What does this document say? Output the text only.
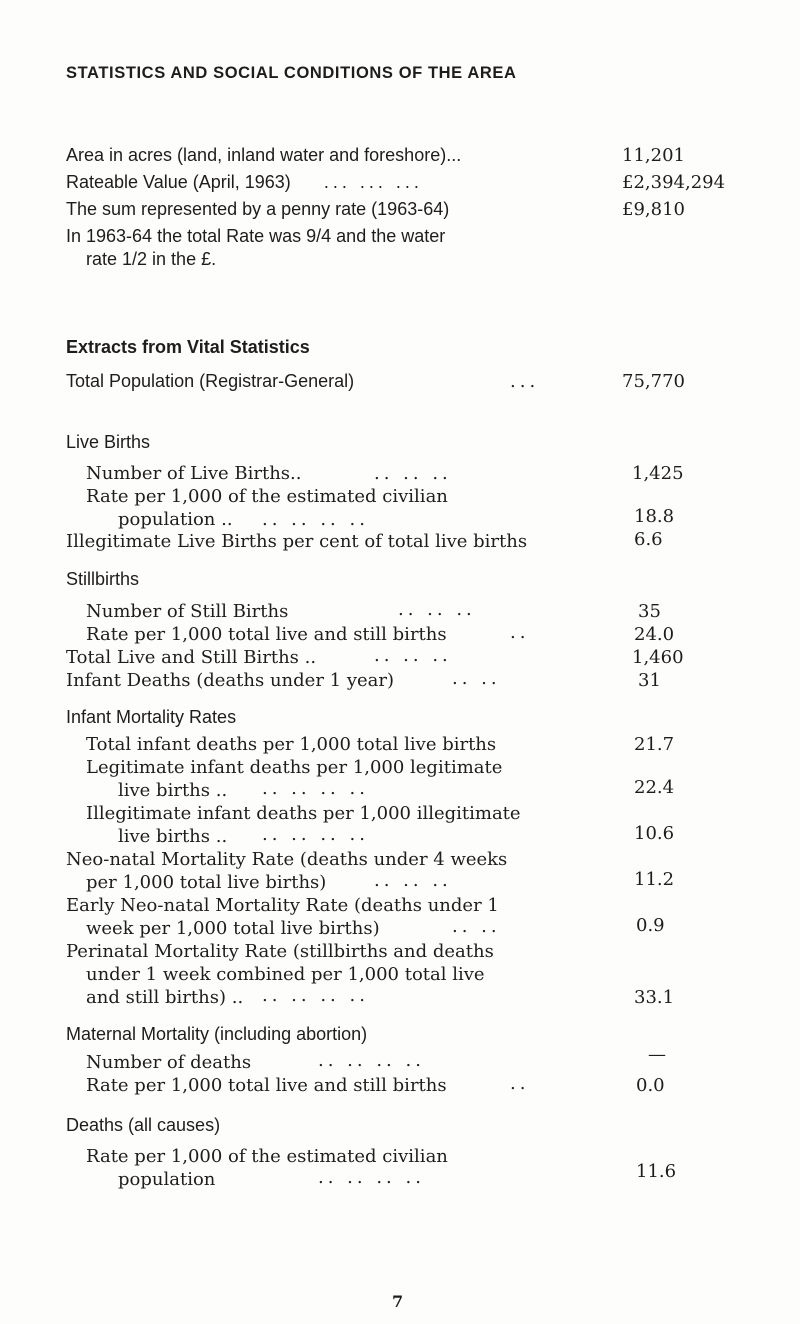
STATISTICS AND SOCIAL CONDITIONS OF THE AREA
Area in acres (land, inland water and foreshore)...	11,201
Rateable Value (April, 1963) ... ... ...	£2,394,294
The sum represented by a penny rate (1963-64)	£9,810
In 1963-64 the total Rate was 9/4 and the water
rate 1/2 in the £.
Extracts from Vital Statistics
Total Population (Registrar-General)	...	75,770
Live Births
Number of Live Births..	.. .. ..	1,425
Rate per 1,000 of the estimated civilian
population .. .. .. .. ..	18.8
Illegitimate Live Births per cent of total live births	6.6
Stillbirths
Number of Still Births	.. .. ..	35
Rate per 1,000 total live and still births	..	24.0
Total Live and Still Births ..	.. .. ..	1,460
Infant Deaths (deaths under 1 year)	.. ..	31
Infant Mortality Rates
Total infant deaths per 1,000 total live births	21.7
Legitimate infant deaths per 1,000 legitimate
live births .. .. .. .. ..	22.4
Illegitimate infant deaths per 1,000 illegitimate
live births .. .. .. .. ..	10.6
Neo-natal Mortality Rate (deaths under 4 weeks
per 1,000 total live births)	.. .. ..	11.2
Early Neo-natal Mortality Rate (deaths under 1
week per 1,000 total live births)	.. ..	0.9
Perinatal Mortality Rate (stillbirths and deaths
under 1 week combined per 1,000 total live
and still births) .. .. .. .. ..	33.1
Maternal Mortality (including abortion)
Number of deaths	.. .. .. ..	—
Rate per 1,000 total live and still births	..	0.0
Deaths (all causes)
Rate per 1,000 of the estimated civilian
population	.. .. .. ..	11.6
7
